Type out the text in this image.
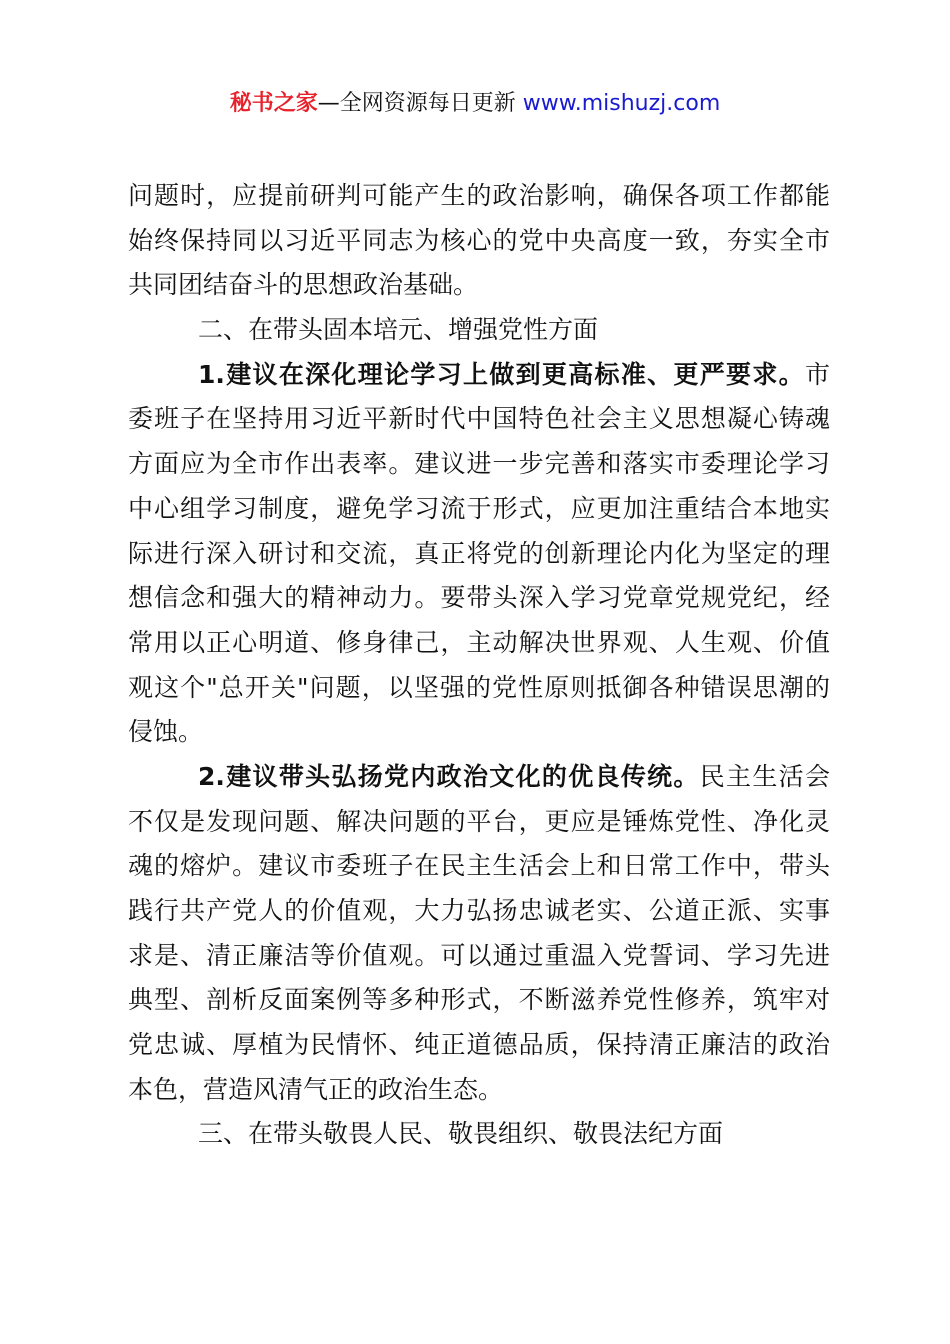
秘书之家—全网资源每日更新 www.mishuzj.com
问题时，应提前研判可能产生的政治影响，确保各项工作都能
始终保持同以习近平同志为核心的党中央高度一致，夯实全市
共同团结奋斗的思想政治基础。
二、在带头固本培元、增强党性方面
1.建议在深化理论学习上做到更高标准、更严要求。市
委班子在坚持用习近平新时代中国特色社会主义思想凝心铸魂
方面应为全市作出表率。建议进一步完善和落实市委理论学习
中心组学习制度，避免学习流于形式，应更加注重结合本地实
际进行深入研讨和交流，真正将党的创新理论内化为坚定的理
想信念和强大的精神动力。要带头深入学习党章党规党纪，经
常用以正心明道、修身律己，主动解决世界观、人生观、价值
观这个"总开关"问题，以坚强的党性原则抵御各种错误思潮的
侵蚀。
2.建议带头弘扬党内政治文化的优良传统。民主生活会
不仅是发现问题、解决问题的平台，更应是锤炼党性、净化灵
魂的熔炉。建议市委班子在民主生活会上和日常工作中，带头
践行共产党人的价值观，大力弘扬忠诚老实、公道正派、实事
求是、清正廉洁等价值观。可以通过重温入党誓词、学习先进
典型、剖析反面案例等多种形式，不断滋养党性修养，筑牢对
党忠诚、厚植为民情怀、纯正道德品质，保持清正廉洁的政治
本色，营造风清气正的政治生态。
三、在带头敬畏人民、敬畏组织、敬畏法纪方面
